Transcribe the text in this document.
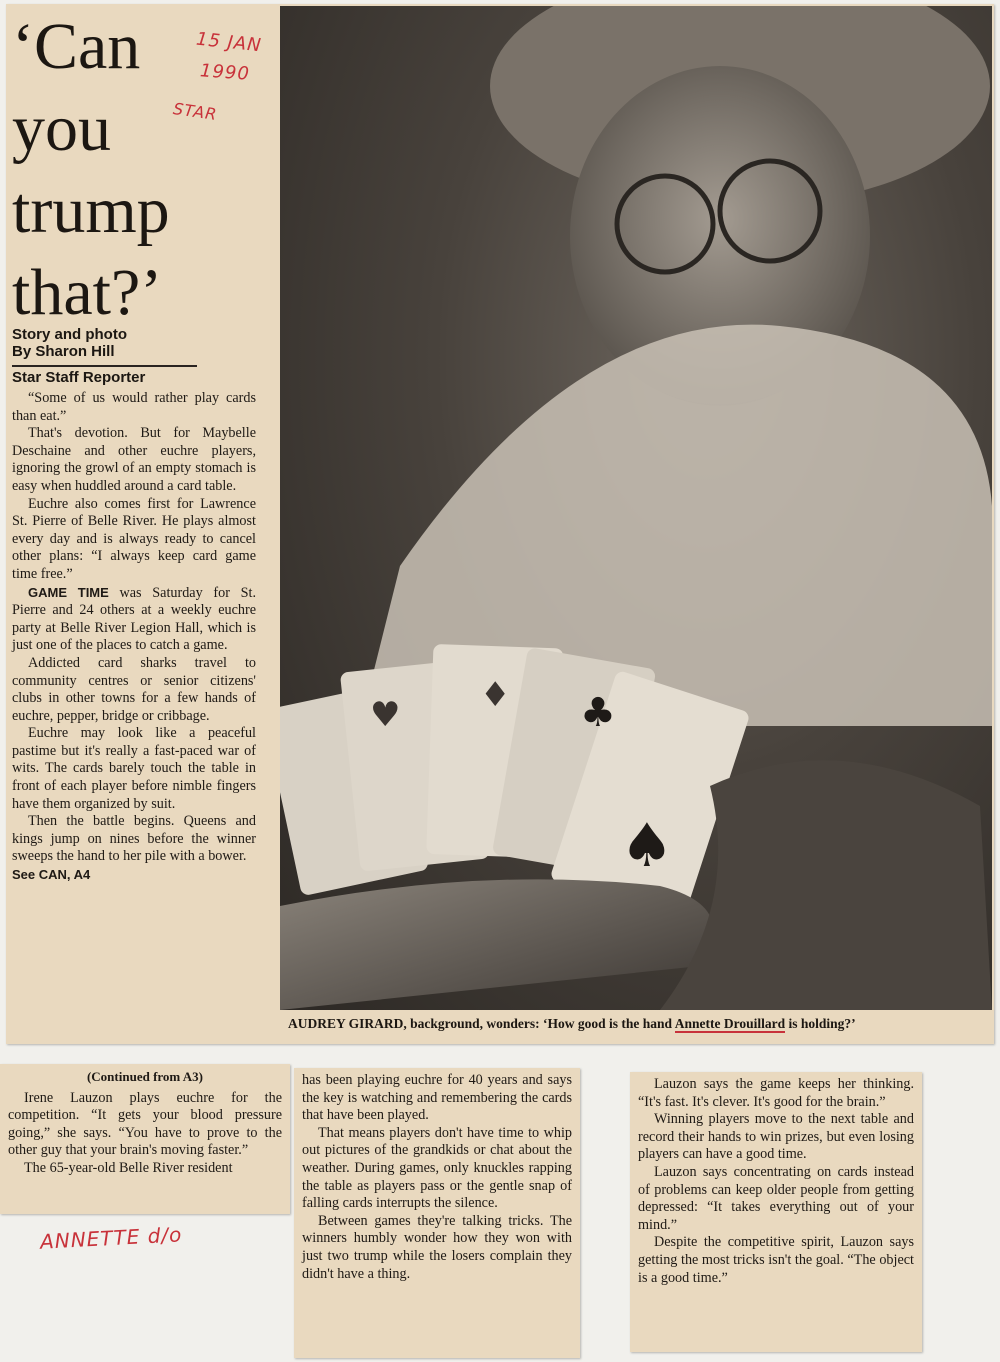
‘Can
you
trump
that?’
15 JAN
1990
STAR
Story and photo
By Sharon Hill
Star Staff Reporter

“Some of us would rather play cards than eat.”

That's devotion. But for Maybelle Deschaine and other euchre players, ignoring the growl of an empty stomach is easy when huddled around a card table.

Euchre also comes first for Lawrence St. Pierre of Belle River. He plays almost every day and is always ready to cancel other plans: “I always keep card game time free.”

GAME TIME was Saturday for St. Pierre and 24 others at a weekly euchre party at Belle River Legion Hall, which is just one of the places to catch a game.

Addicted card sharks travel to community centres or senior citizens' clubs in other towns for a few hands of euchre, pepper, bridge or cribbage.

Euchre may look like a peaceful pastime but it's really a fast-paced war of wits. The cards barely touch the table in front of each player before nimble fingers have them organized by suit.

Then the battle begins. Queens and kings jump on nines before the winner sweeps the hand to her pile with a bower.

See CAN, A4

♥ ♦ ♣
♠
AUDREY GIRARD, background, wonders: ‘How good is the hand Annette Drouillard is holding?’

(Continued from A3)

Irene Lauzon plays euchre for the competition. “It gets your blood pressure going,” she says. “You have to prove to the other guy that your brain's moving faster.”

The 65-year-old Belle River resident

ANNETTE d/o

has been playing euchre for 40 years and says the key is watching and remembering the cards that have been played.

That means players don't have time to whip out pictures of the grandkids or chat about the weather. During games, only knuckles rapping the table as players pass or the gentle snap of falling cards interrupts the silence.

Between games they're talking tricks. The winners humbly wonder how they won with just two trump while the losers complain they didn't have a thing.

Lauzon says the game keeps her thinking. “It's fast. It's clever. It's good for the brain.”

Winning players move to the next table and record their hands to win prizes, but even losing players can have a good time.

Lauzon says concentrating on cards instead of problems can keep older people from getting depressed: “It takes everything out of your mind.”

Despite the competitive spirit, Lauzon says getting the most tricks isn't the goal. “The object is a good time.”
